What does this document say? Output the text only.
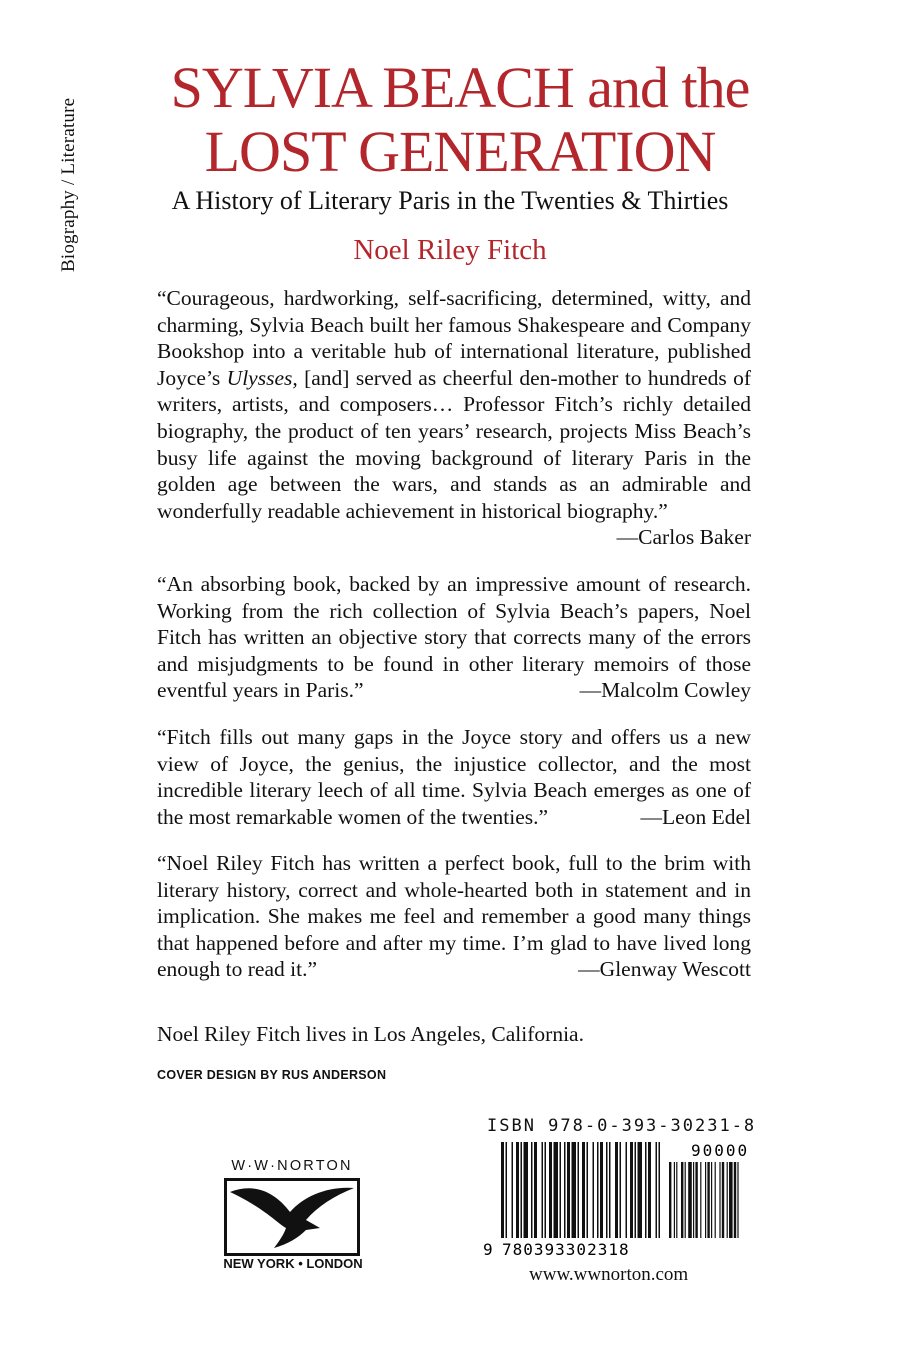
Biography / Literature
SYLVIA BEACH and the
LOST GENERATION
A History of Literary Paris in the Twenties & Thirties
Noel Riley Fitch
“Courageous, hardworking, self-sacrificing, determined, witty, and charming, Sylvia Beach built her famous Shakespeare and Company Bookshop into a veritable hub of international literature, published Joyce’s Ulysses, [and] served as cheerful den-mother to hundreds of writers, artists, and composers… Professor Fitch’s richly detailed biography, the product of ten years’ research, projects Miss Beach’s busy life against the moving background of literary Paris in the golden age between the wars, and stands as an admirable and wonderfully readable achievement in historical biography.”
—Carlos Baker
“An absorbing book, backed by an impressive amount of research. Working from the rich collection of Sylvia Beach’s papers, Noel Fitch has written an objective story that corrects many of the errors and misjudgments to be found in other literary memoirs of those eventful years in Paris.”	—Malcolm Cowley
“Fitch fills out many gaps in the Joyce story and offers us a new view of Joyce, the genius, the injustice collector, and the most incredible literary leech of all time. Sylvia Beach emerges as one of the most remarkable women of the twenties.”	—Leon Edel
“Noel Riley Fitch has written a perfect book, full to the brim with literary history, correct and whole-hearted both in statement and in implication. She makes me feel and remember a good many things that happened before and after my time. I’m glad to have lived long enough to read it.”	—Glenway Wescott
Noel Riley Fitch lives in Los Angeles, California.
COVER DESIGN BY RUS ANDERSON
W·W·NORTON
NEW YORK • LONDON
ISBN 978-0-393-30231-8
90000
9 780393302318
www.wwnorton.com
